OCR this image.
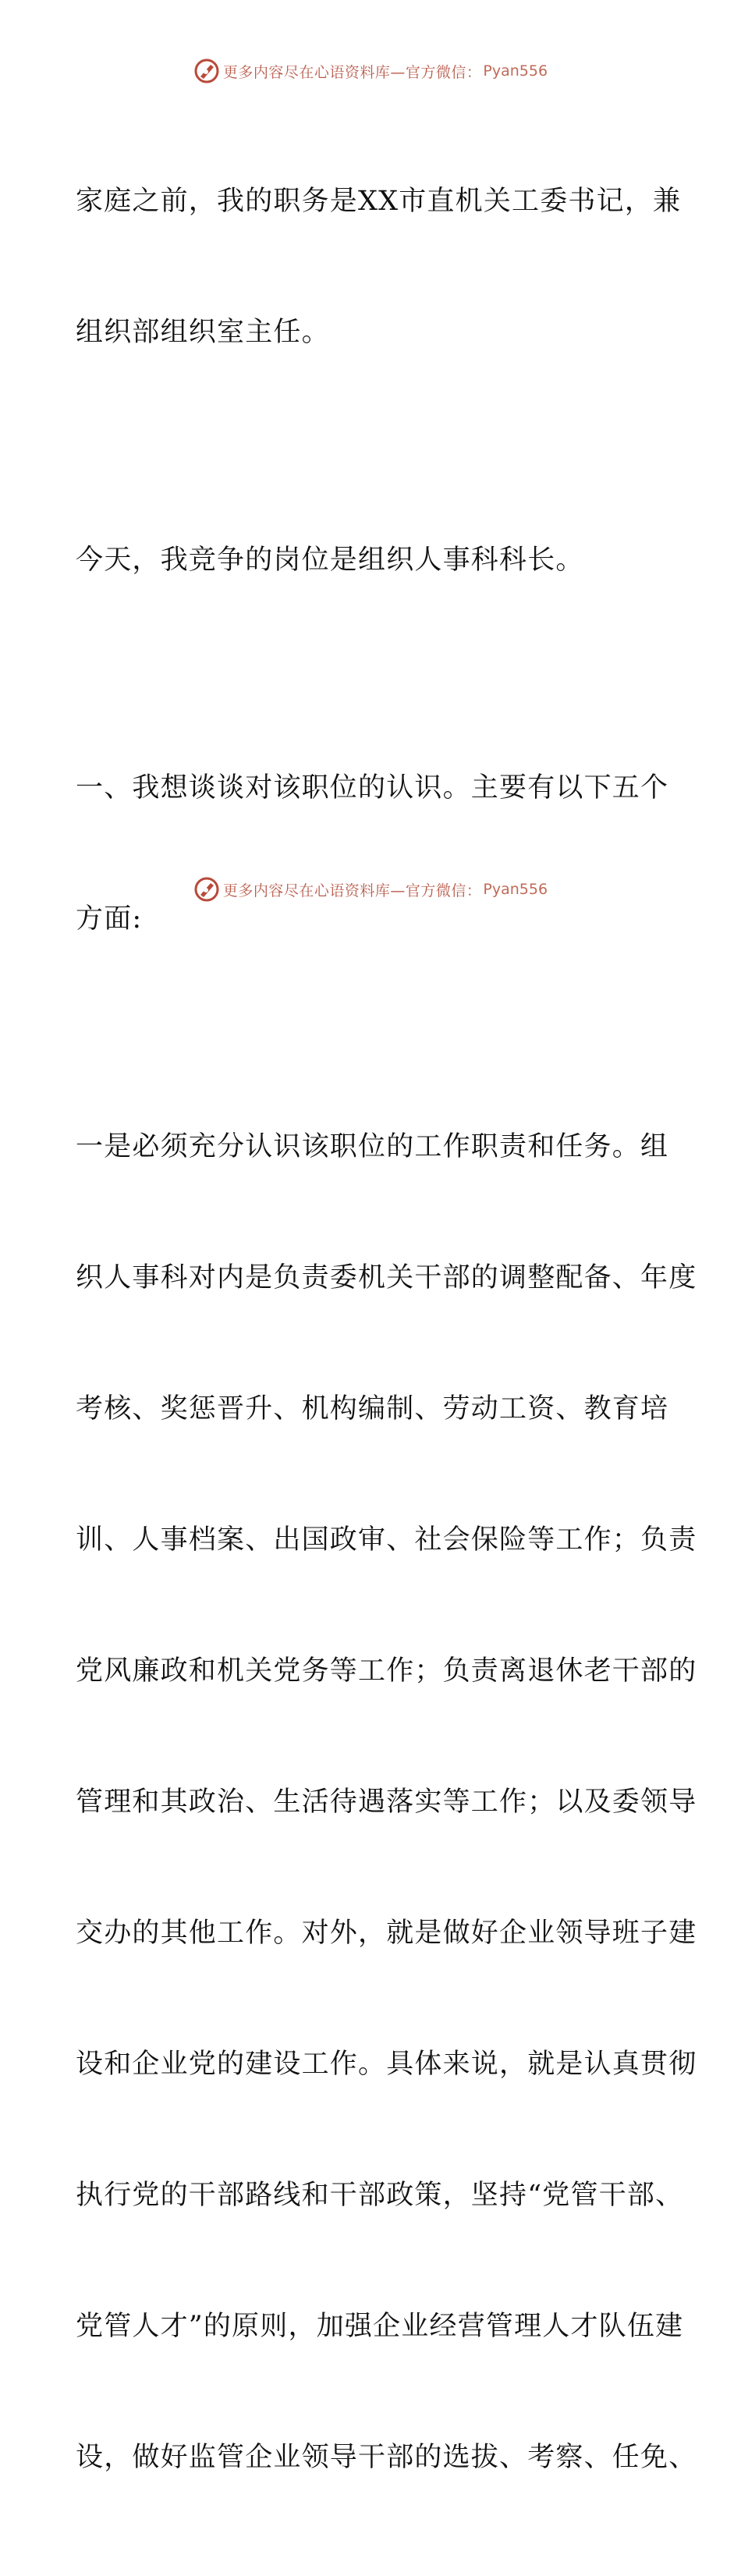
更多内容尽在心语资料库—官方微信： Pyan556

家庭之前，我的职务是XX市直机关工委书记，兼

组织部组织室主任。

今天，我竞争的岗位是组织人事科科长。

一、我想谈谈对该职位的认识。主要有以下五个

方面:

一是必须充分认识该职位的工作职责和任务。组

织人事科对内是负责委机关干部的调整配备、年度

考核、奖惩晋升、机构编制、劳动工资、教育培

训、人事档案、出国政审、社会保险等工作；负责

党风廉政和机关党务等工作；负责离退休老干部的

管理和其政治、生活待遇落实等工作；以及委领导

交办的其他工作。对外，就是做好企业领导班子建

设和企业党的建设工作。具体来说，就是认真贯彻

执行党的干部路线和干部政策，坚持“党管干部、

党管人才”的原则，加强企业经营管理人才队伍建

设，做好监管企业领导干部的选拔、考察、任免、

更多内容尽在心语资料库—官方微信： Pyan556
